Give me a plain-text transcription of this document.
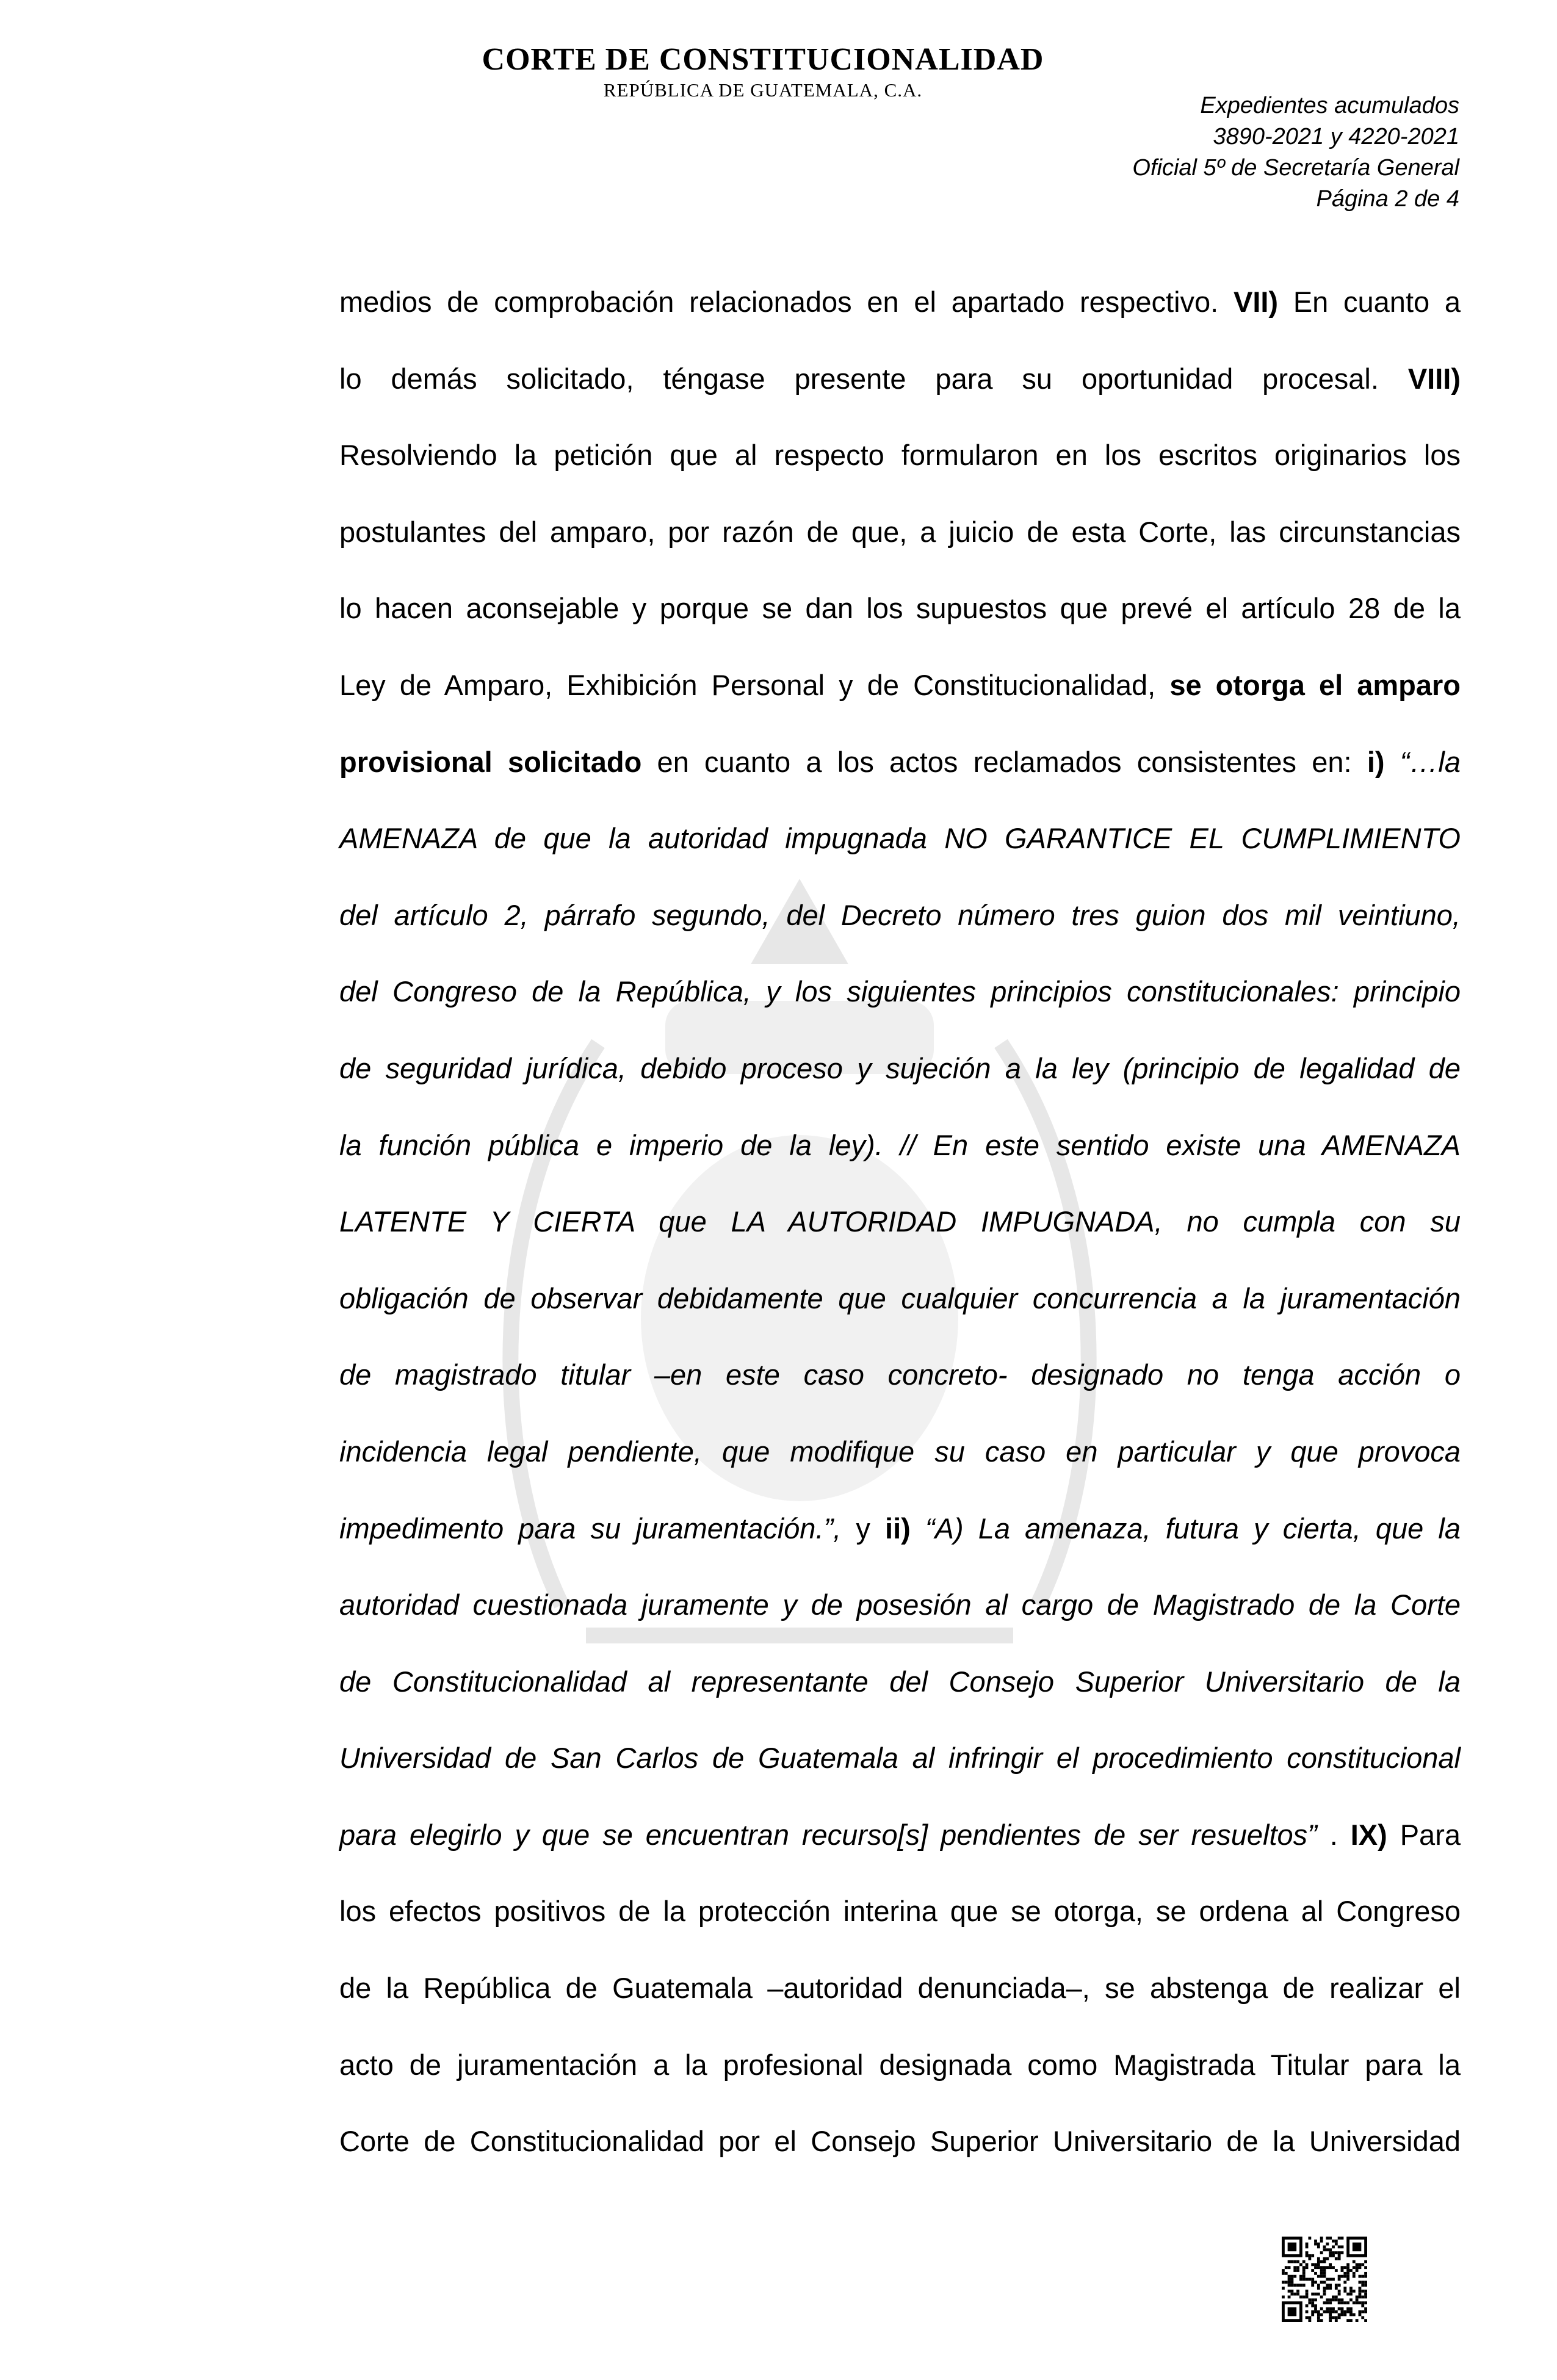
CORTE DE CONSTITUCIONALIDAD
REPÚBLICA DE GUATEMALA, C.A.
Expedientes acumulados
3890-2021 y 4220-2021
Oficial 5º de Secretaría General
Página 2 de 4
medios de comprobación relacionados en el apartado respectivo. VII) En cuanto a
lo demás solicitado, téngase presente para su oportunidad procesal. VIII)
Resolviendo la petición que al respecto formularon en los escritos originarios los
postulantes del amparo, por razón de que, a juicio de esta Corte, las circunstancias
lo hacen aconsejable y porque se dan los supuestos que prevé el artículo 28 de la
Ley de Amparo, Exhibición Personal y de Constitucionalidad, se otorga el amparo
provisional solicitado en cuanto a los actos reclamados consistentes en: i) “…la
AMENAZA de que la autoridad impugnada NO GARANTICE EL CUMPLIMIENTO
del artículo 2, párrafo segundo, del Decreto número tres guion dos mil veintiuno,
del Congreso de la República, y los siguientes principios constitucionales: principio
de seguridad jurídica, debido proceso y sujeción a la ley (principio de legalidad de
la función pública e imperio de la ley). // En este sentido existe una AMENAZA
LATENTE Y CIERTA que LA AUTORIDAD IMPUGNADA, no cumpla con su
obligación de observar debidamente que cualquier concurrencia a la juramentación
de magistrado titular –en este caso concreto- designado no tenga acción o
incidencia legal pendiente, que modifique su caso en particular y que provoca
impedimento para su juramentación.”, y ii) “A) La amenaza, futura y cierta, que la
autoridad cuestionada juramente y de posesión al cargo de Magistrado de la Corte
de Constitucionalidad al representante del Consejo Superior Universitario de la
Universidad de San Carlos de Guatemala al infringir el procedimiento constitucional
para elegirlo y que se encuentran recurso[s] pendientes de ser resueltos” . IX) Para
los efectos positivos de la protección interina que se otorga, se ordena al Congreso
de la República de Guatemala –autoridad denunciada–, se abstenga de realizar el
acto de juramentación a la profesional designada como Magistrada Titular para la
Corte de Constitucionalidad por el Consejo Superior Universitario de la Universidad
